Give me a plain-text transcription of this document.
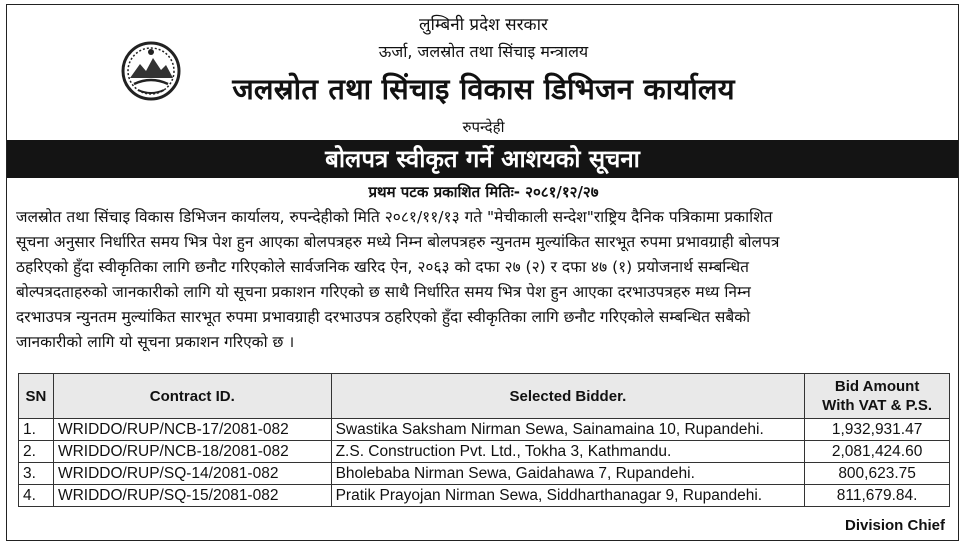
लुम्बिनी प्रदेश सरकार
ऊर्जा, जलस्रोत तथा सिंचाइ मन्त्रालय
जलस्रोत तथा सिंचाइ विकास डिभिजन कार्यालय
रुपन्देही
बोलपत्र स्वीकृत गर्ने आशयको सूचना
प्रथम पटक प्रकाशित मितिः- २०८१/१२/२७
जलस्रोत तथा सिंचाइ विकास डिभिजन कार्यालय, रुपन्देहीको मिति २०८१/११/१३ गते "मेचीकाली सन्देश"राष्ट्रिय दैनिक पत्रिकामा प्रकाशित
सूचना अनुसार निर्धारित समय भित्र पेश हुन आएका बोलपत्रहरु मध्ये निम्न बोलपत्रहरु न्युनतम मुल्यांकित सारभूत रुपमा प्रभावग्राही बोलपत्र
ठहरिएको हुँदा स्वीकृतिका लागि छनौट गरिएकोले सार्वजनिक खरिद ऐन, २०६३ को दफा २७ (२) र दफा ४७ (१) प्रयोजनार्थ सम्बन्धित
बोल्पत्रदताहरुको जानकारीको लागि यो सूचना प्रकाशन गरिएको छ साथै निर्धारित समय भित्र पेश हुन आएका दरभाउपत्रहरु मध्य निम्न
दरभाउपत्र न्युनतम मुल्यांकित सारभूत रुपमा प्रभावग्राही दरभाउपत्र ठहरिएको हुँदा स्वीकृतिका लागि छनौट गरिएकोले सम्बन्धित सबैको
जानकारीको लागि यो सूचना प्रकाशन गरिएको छ ।
SN	Contract ID.	Selected Bidder.	Bid Amount
With VAT & P.S.

1.	WRIDDO/RUP/NCB-17/2081-082	Swastika Saksham Nirman Sewa, Sainamaina 10, Rupandehi.	1,932,931.47
2.	WRIDDO/RUP/NCB-18/2081-082	Z.S. Construction Pvt. Ltd., Tokha 3, Kathmandu.	2,081,424.60
3.	WRIDDO/RUP/SQ-14/2081-082	Bholebaba Nirman Sewa, Gaidahawa 7, Rupandehi.	800,623.75
4.	WRIDDO/RUP/SQ-15/2081-082	Pratik Prayojan Nirman Sewa, Siddharthanagar 9, Rupandehi.	811,679.84.
Division Chief
